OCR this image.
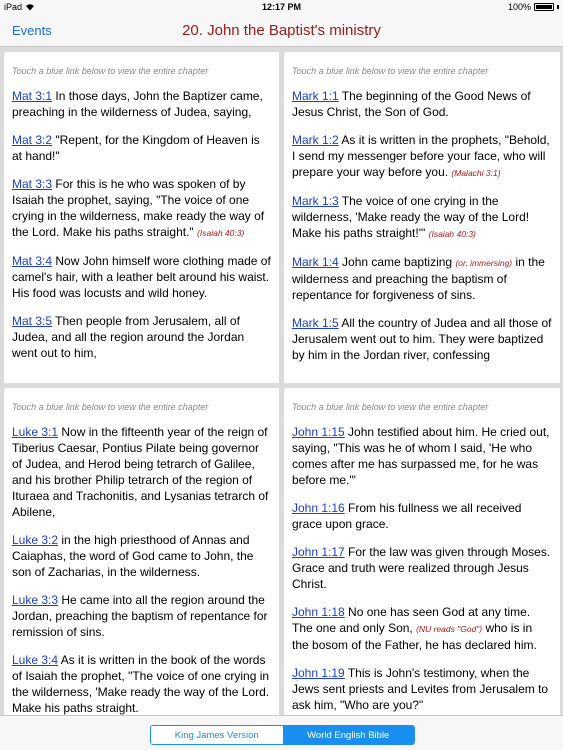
iPad	12:17 PM	100%
Events	20. John the Baptist's ministry
Touch a blue link below to view the entire chapter
Mat 3:1 In those days, John the Baptizer came, preaching in the wilderness of Judea, saying,
Mat 3:2 "Repent, for the Kingdom of Heaven is at hand!"
Mat 3:3 For this is he who was spoken of by Isaiah the prophet, saying, "The voice of one crying in the wilderness, make ready the way of the Lord. Make his paths straight." (Isaiah 40:3)
Mat 3:4 Now John himself wore clothing made of camel's hair, with a leather belt around his waist. His food was locusts and wild honey.
Mat 3:5 Then people from Jerusalem, all of Judea, and all the region around the Jordan went out to him,
Touch a blue link below to view the entire chapter
Mark 1:1 The beginning of the Good News of Jesus Christ, the Son of God.
Mark 1:2 As it is written in the prophets, "Behold, I send my messenger before your face, who will prepare your way before you. (Malachi 3:1)
Mark 1:3 The voice of one crying in the wilderness, 'Make ready the way of the Lord! Make his paths straight!'" (Isaiah 40:3)
Mark 1:4 John came baptizing (or, immersing) in the wilderness and preaching the baptism of repentance for forgiveness of sins.
Mark 1:5 All the country of Judea and all those of Jerusalem went out to him. They were baptized by him in the Jordan river, confessing
Touch a blue link below to view the entire chapter
Luke 3:1 Now in the fifteenth year of the reign of Tiberius Caesar, Pontius Pilate being governor of Judea, and Herod being tetrarch of Galilee, and his brother Philip tetrarch of the region of Ituraea and Trachonitis, and Lysanias tetrarch of Abilene,
Luke 3:2 in the high priesthood of Annas and Caiaphas, the word of God came to John, the son of Zacharias, in the wilderness.
Luke 3:3 He came into all the region around the Jordan, preaching the baptism of repentance for remission of sins.
Luke 3:4 As it is written in the book of the words of Isaiah the prophet, "The voice of one crying in the wilderness, 'Make ready the way of the Lord. Make his paths straight.
Touch a blue link below to view the entire chapter
John 1:15 John testified about him. He cried out, saying, "This was he of whom I said, 'He who comes after me has surpassed me, for he was before me.'"
John 1:16 From his fullness we all received grace upon grace.
John 1:17 For the law was given through Moses. Grace and truth were realized through Jesus Christ.
John 1:18 No one has seen God at any time. The one and only Son, (NU reads "God") who is in the bosom of the Father, he has declared him.
John 1:19 This is John's testimony, when the Jews sent priests and Levites from Jerusalem to ask him, "Who are you?"
King James Version	World English Bible
